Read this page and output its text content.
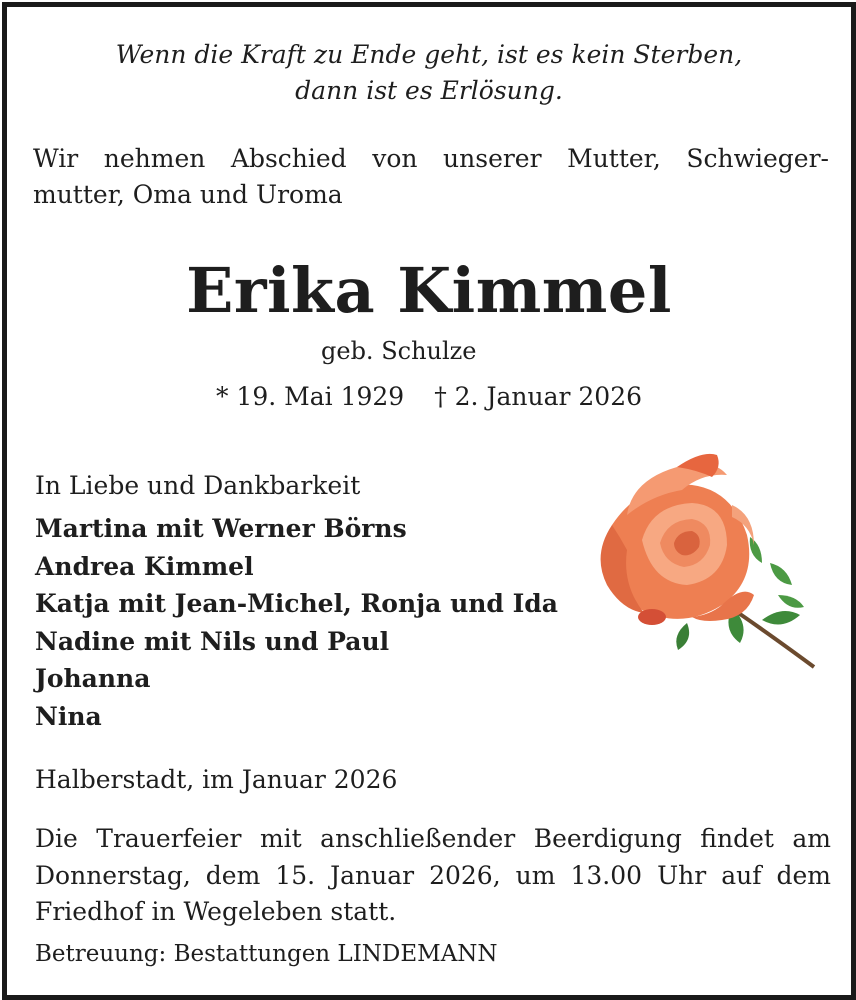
Wenn die Kraft zu Ende geht, ist es kein Sterben,
dann ist es Erlösung.
Wir nehmen Abschied von unserer Mutter, Schwieger-
mutter, Oma und Uroma
Erika Kimmel
geb. Schulze
* 19. Mai 1929 † 2. Januar 2026
In Liebe und Dankbarkeit
Martina mit Werner Börns
Andrea Kimmel
Katja mit Jean-Michel, Ronja und Ida
Nadine mit Nils und Paul
Johanna
Nina
Halberstadt, im Januar 2026
Die Trauerfeier mit anschließender Beerdigung findet am
Donnerstag, dem 15. Januar 2026, um 13.00 Uhr auf dem
Friedhof in Wegeleben statt.
Betreuung: Bestattungen LINDEMANN
